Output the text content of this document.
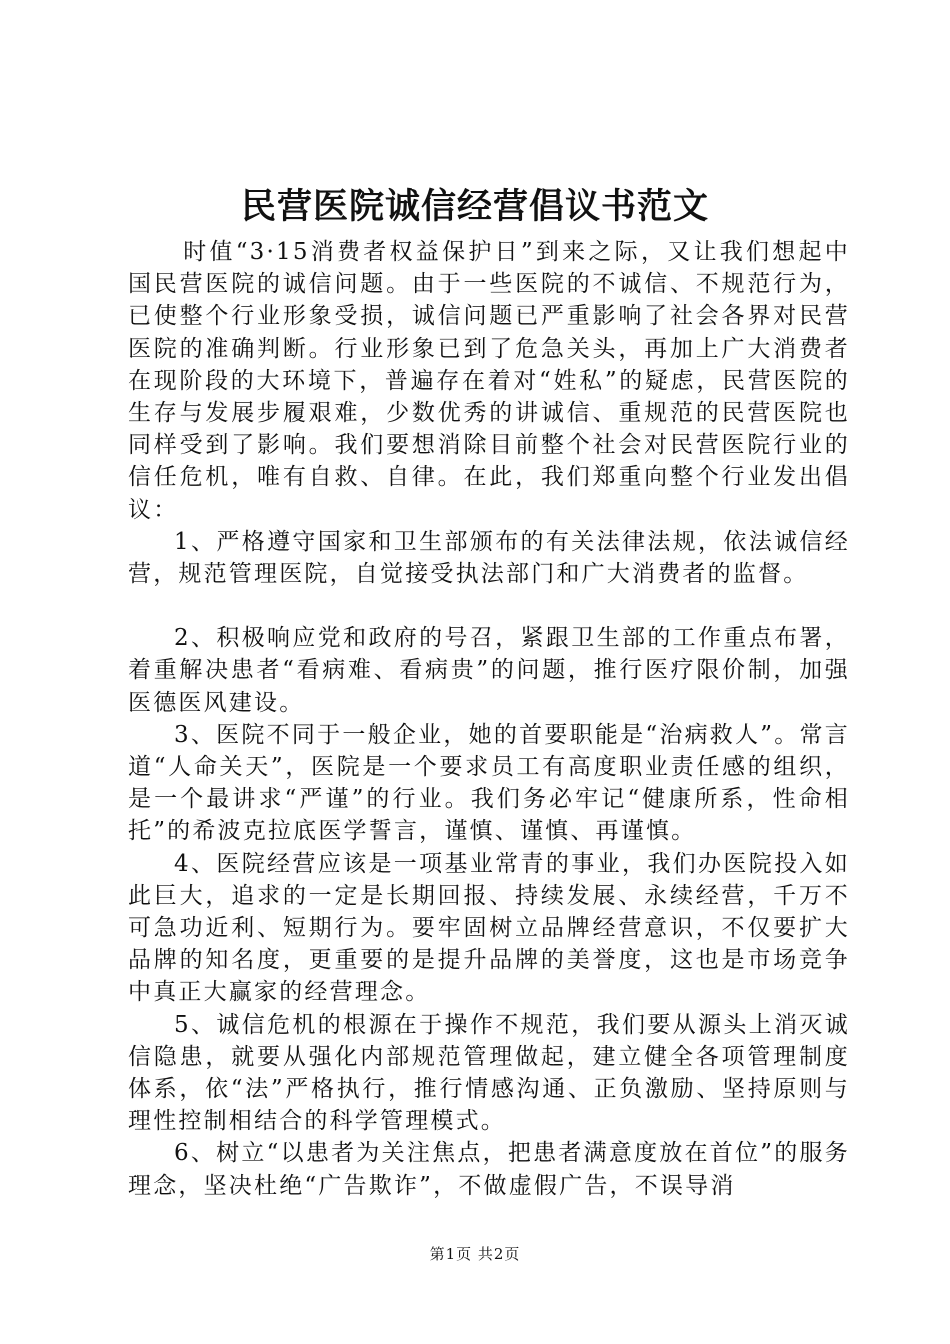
民营医院诚信经营倡议书范文

时值“3·15消费者权益保护日”到来之际，又让我们想起中国民营医院的诚信问题。由于一些医院的不诚信、不规范行为，已使整个行业形象受损，诚信问题已严重影响了社会各界对民营医院的准确判断。行业形象已到了危急关头，再加上广大消费者在现阶段的大环境下，普遍存在着对“姓私”的疑虑，民营医院的生存与发展步履艰难，少数优秀的讲诚信、重规范的民营医院也同样受到了影响。我们要想消除目前整个社会对民营医院行业的信任危机，唯有自救、自律。在此，我们郑重向整个行业发出倡议：

1、严格遵守国家和卫生部颁布的有关法律法规，依法诚信经营，规范管理医院，自觉接受执法部门和广大消费者的监督。

2、积极响应党和政府的号召，紧跟卫生部的工作重点布署，着重解决患者“看病难、看病贵”的问题，推行医疗限价制，加强医德医风建设。

3、医院不同于一般企业，她的首要职能是“治病救人”。常言道“人命关天”，医院是一个要求员工有高度职业责任感的组织，是一个最讲求“严谨”的行业。我们务必牢记“健康所系，性命相托”的希波克拉底医学誓言，谨慎、谨慎、再谨慎。

4、医院经营应该是一项基业常青的事业，我们办医院投入如此巨大，追求的一定是长期回报、持续发展、永续经营，千万不可急功近利、短期行为。要牢固树立品牌经营意识，不仅要扩大品牌的知名度，更重要的是提升品牌的美誉度，这也是市场竞争中真正大赢家的经营理念。

5、诚信危机的根源在于操作不规范，我们要从源头上消灭诚信隐患，就要从强化内部规范管理做起，建立健全各项管理制度体系，依“法”严格执行，推行情感沟通、正负激励、坚持原则与理性控制相结合的科学管理模式。

6、树立“以患者为关注焦点，把患者满意度放在首位”的服务理念，坚决杜绝“广告欺诈”，不做虚假广告，不误导消

第1页 共2页
